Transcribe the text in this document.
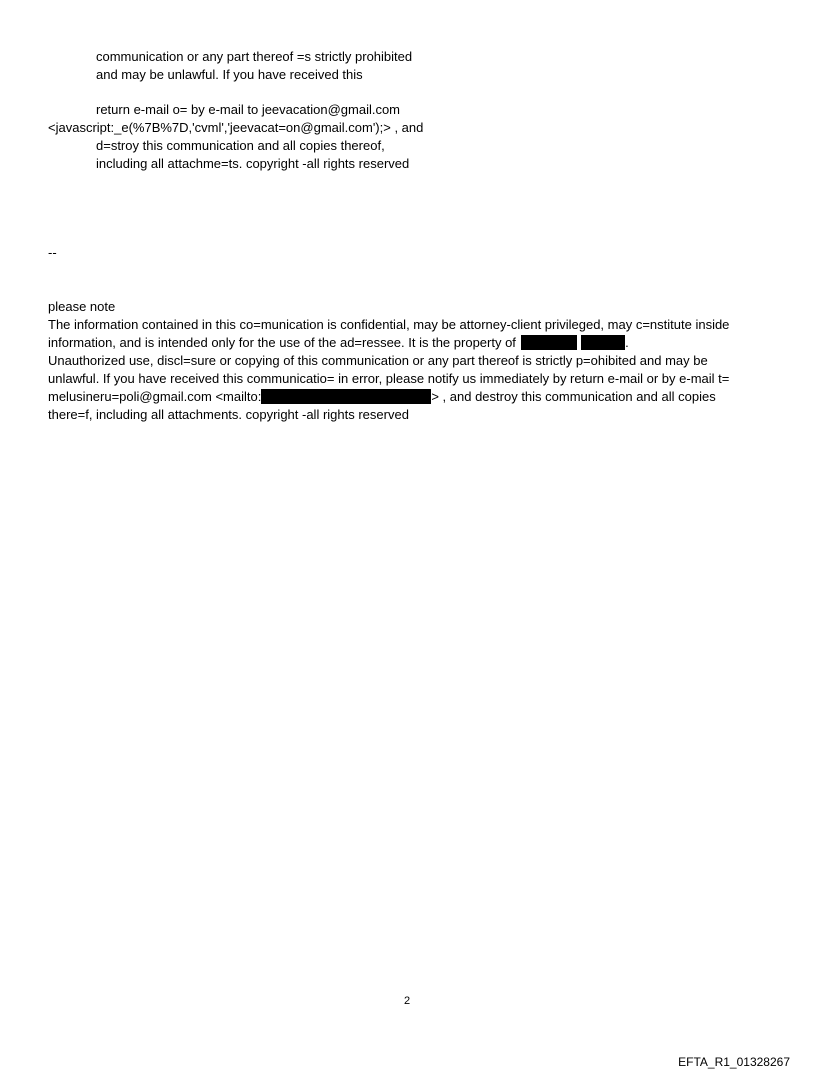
communication or any part thereof =s strictly prohibited
and may be unlawful. If you have received this
return e-mail o= by e-mail to jeevacation@gmail.com
<javascript:_e(%7B%7D,'cvml','jeevacat=on@gmail.com');> , and
d=stroy this communication and all copies thereof,
including all attachme=ts. copyright -all rights reserved
--
please note
The information contained in this co=munication is confidential, may be attorney-client privileged, may c=nstitute inside
information, and is intended only for the use of the ad=ressee. It is the property of	.
Unauthorized use, discl=sure or copying of this communication or any part thereof is strictly p=ohibited and may be
unlawful. If you have received this communicatio= in error, please notify us immediately by return e-mail or by e-mail t=
melusineru=poli@gmail.com <mailto:	> , and destroy this communication and all copies
there=f, including all attachments. copyright -all rights reserved
2
EFTA_R1_01328267
